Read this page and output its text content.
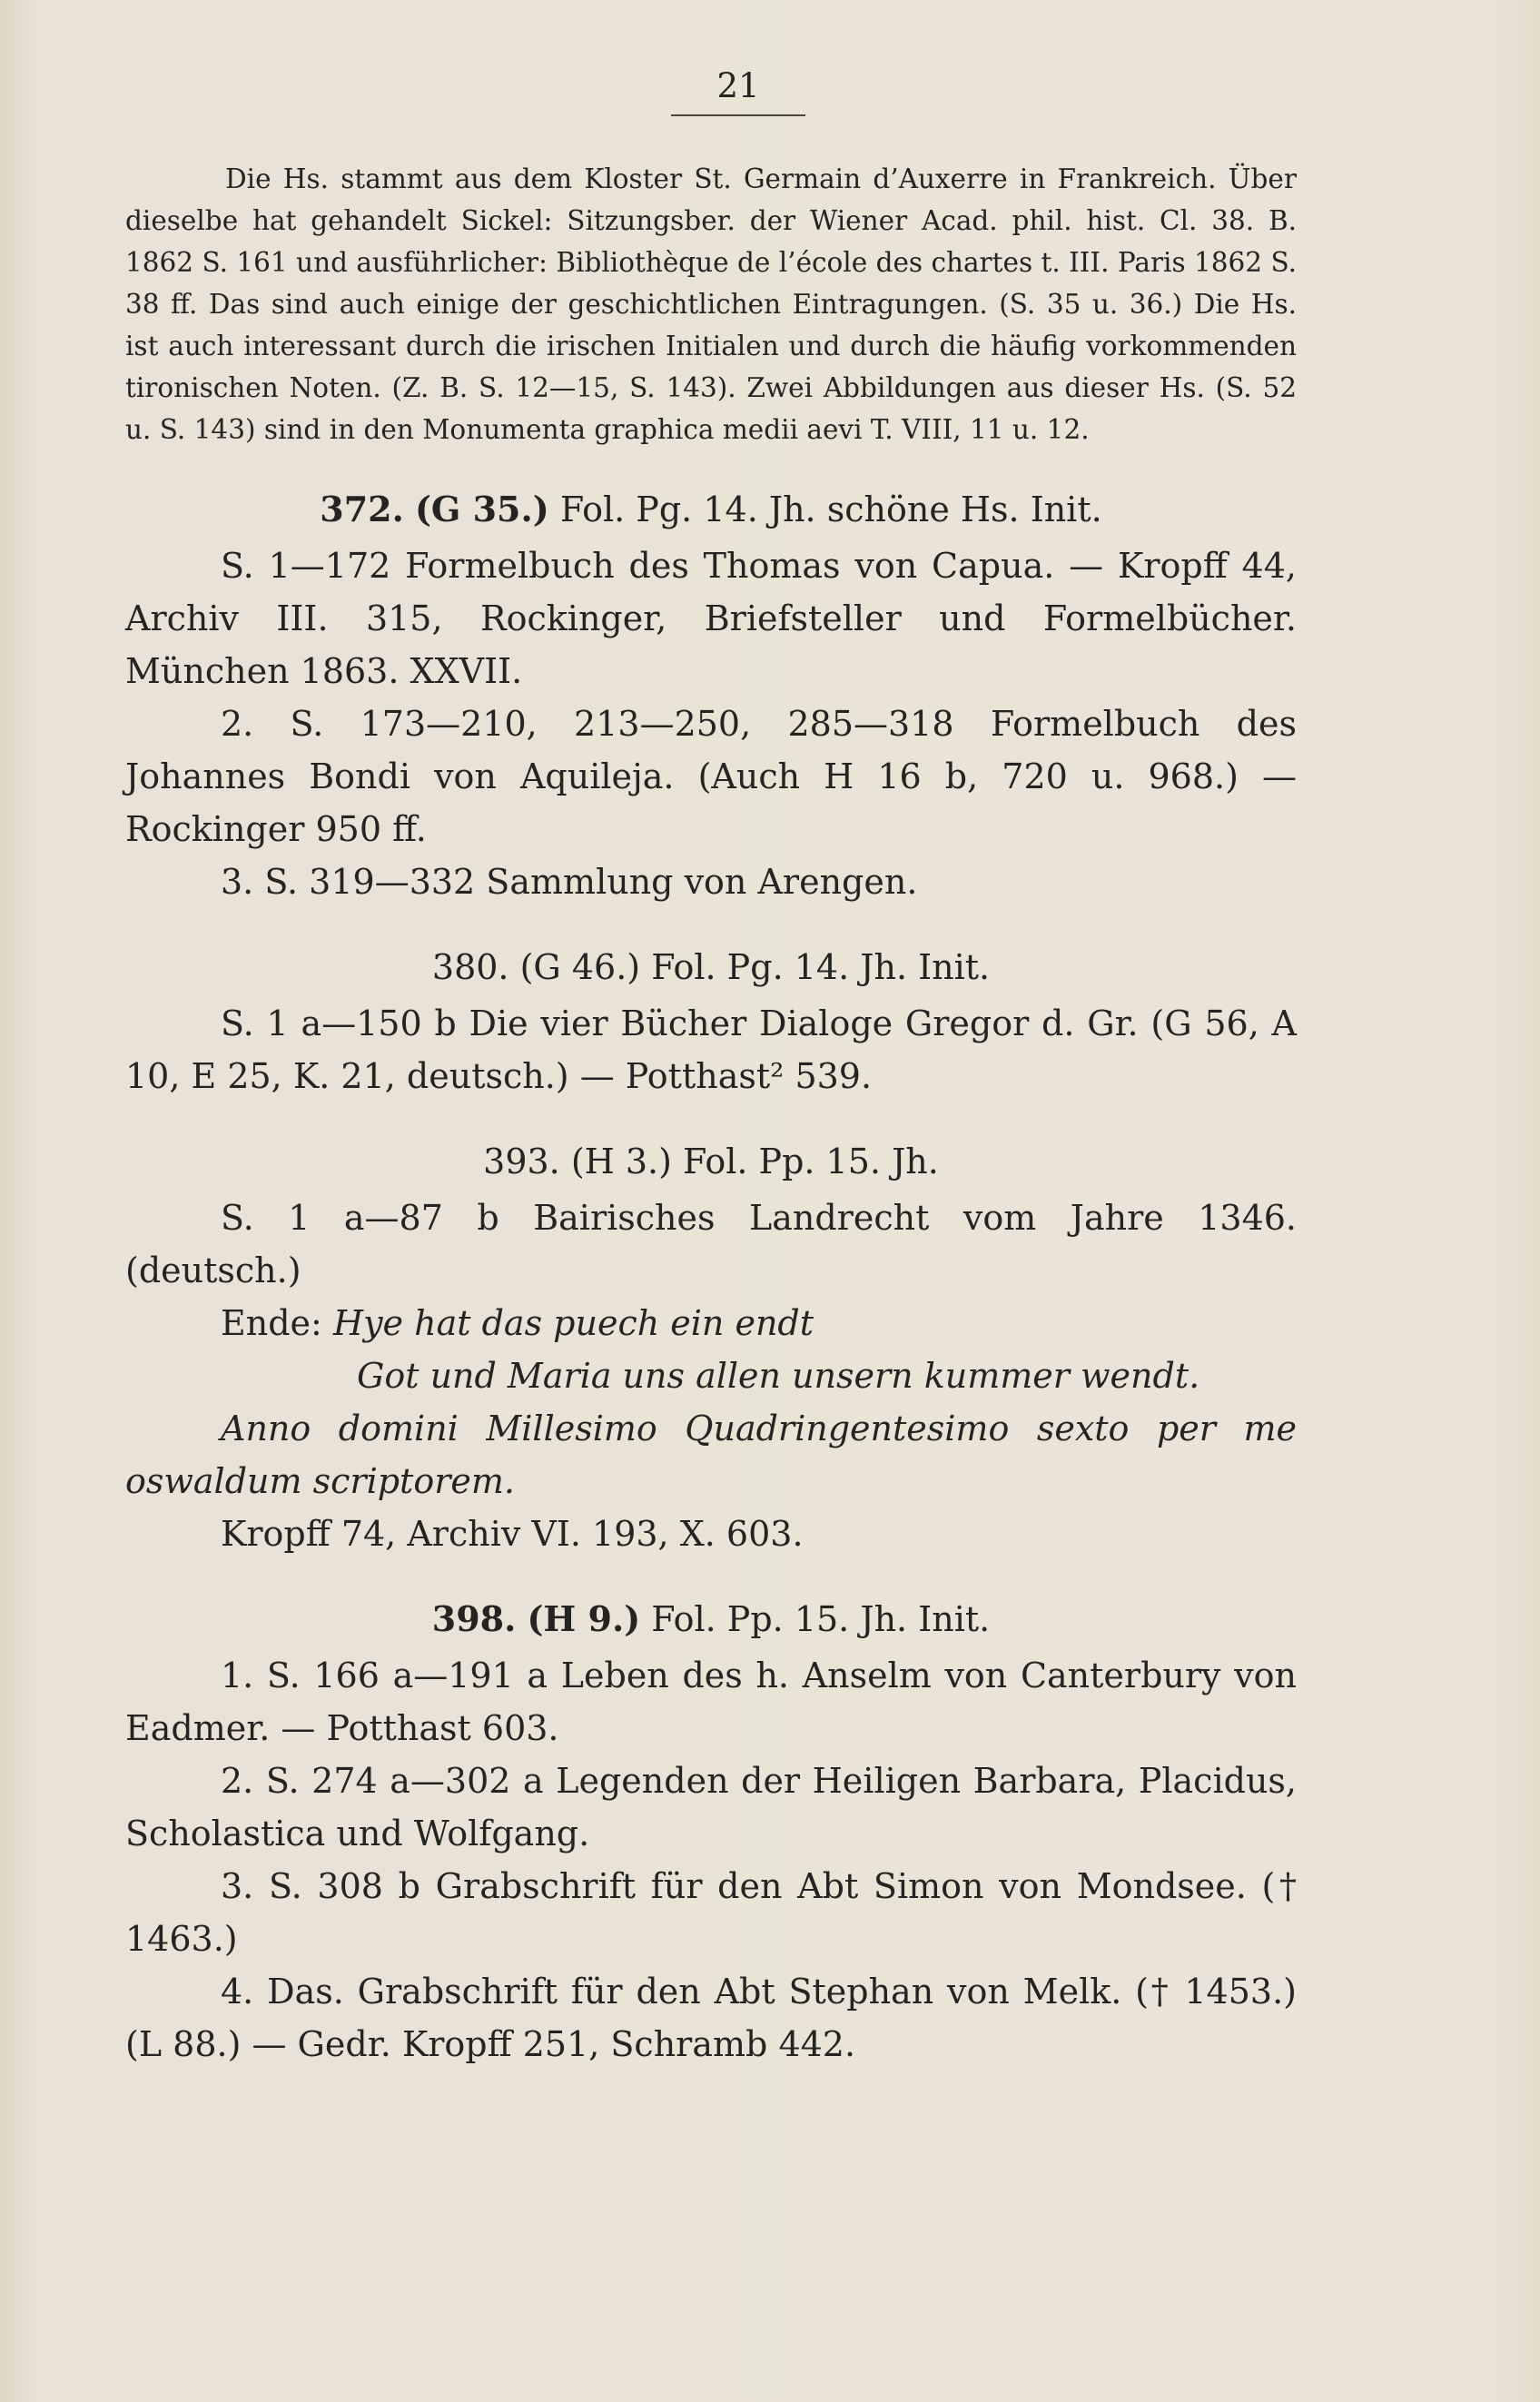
21

Die Hs. stammt aus dem Kloster St. Germain d’Auxerre in Frankreich. Über dieselbe hat gehandelt Sickel: Sitzungsber. der Wiener Acad. phil. hist. Cl. 38. B. 1862 S. 161 und ausführlicher: Bibliothèque de l’école des chartes t. III. Paris 1862 S. 38 ff. Das sind auch einige der geschichtlichen Eintragungen. (S. 35 u. 36.) Die Hs. ist auch interessant durch die irischen Initialen und durch die häufig vorkommenden tironischen Noten. (Z. B. S. 12—15, S. 143). Zwei Abbildungen aus dieser Hs. (S. 52 u. S. 143) sind in den Monumenta graphica medii aevi T. VIII, 11 u. 12.

372. (G 35.) Fol. Pg. 14. Jh. schöne Hs. Init.

S. 1—172 Formelbuch des Thomas von Capua. — Kropff 44, Archiv III. 315, Rockinger, Briefsteller und Formelbücher. München 1863. XXVII.

2. S. 173—210, 213—250, 285—318 Formelbuch des Johannes Bondi von Aquileja. (Auch H 16 b, 720 u. 968.) — Rockinger 950 ff.

3. S. 319—332 Sammlung von Arengen.

380. (G 46.) Fol. Pg. 14. Jh. Init.

S. 1 a—150 b Die vier Bücher Dialoge Gregor d. Gr. (G 56, A 10, E 25, K. 21, deutsch.) — Potthast² 539.

393. (H 3.) Fol. Pp. 15. Jh.

S. 1 a—87 b Bairisches Landrecht vom Jahre 1346. (deutsch.)

Ende: Hye hat das puech ein endt

Got und Maria uns allen unsern kummer wendt.

Anno domini Millesimo Quadringentesimo sexto per me oswaldum scriptorem.

Kropff 74, Archiv VI. 193, X. 603.

398. (H 9.) Fol. Pp. 15. Jh. Init.

1. S. 166 a—191 a Leben des h. Anselm von Canterbury von Eadmer. — Potthast 603.

2. S. 274 a—302 a Legenden der Heiligen Barbara, Placidus, Scholastica und Wolfgang.

3. S. 308 b Grabschrift für den Abt Simon von Mondsee. († 1463.)

4. Das. Grabschrift für den Abt Stephan von Melk. († 1453.) (L 88.) — Gedr. Kropff 251, Schramb 442.
